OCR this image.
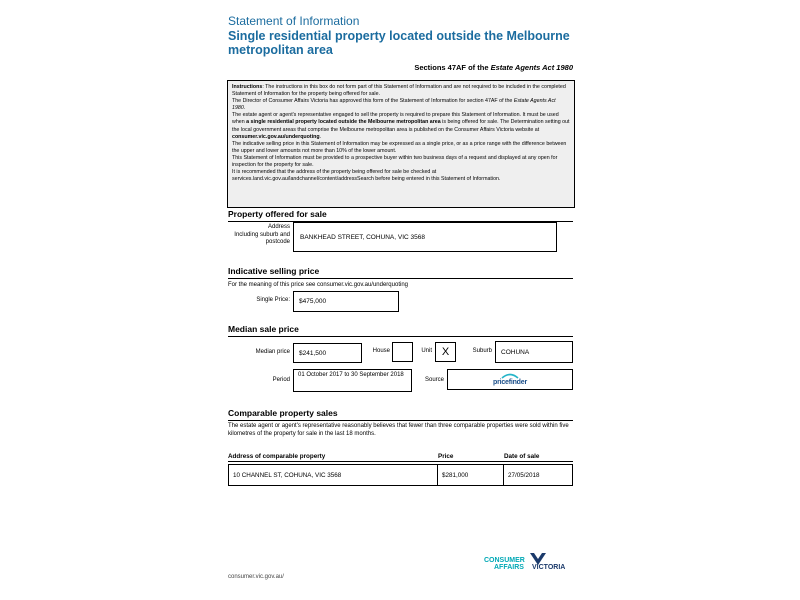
Statement of Information
Single residential property located outside the Melbourne metropolitan area
Sections 47AF of the Estate Agents Act 1980

Instructions: The instructions in this box do not form part of this Statement of Information and are not required to be included in the completed Statement of Information for the property being offered for sale.

The Director of Consumer Affairs Victoria has approved this form of the Statement of Information for section 47AF of the Estate Agents Act 1980.

The estate agent or agent's representative engaged to sell the property is required to prepare this Statement of Information. It must be used when a single residential property located outside the Melbourne metropolitan area is being offered for sale. The Determination setting out the local government areas that comprise the Melbourne metropolitan area is published on the Consumer Affairs Victoria website at consumer.vic.gov.au/underquoting.

The indicative selling price in this Statement of Information may be expressed as a single price, or as a price range with the difference between the upper and lower amounts not more than 10% of the lower amount.

This Statement of Information must be provided to a prospective buyer within two business days of a request and displayed at any open for inspection for the property for sale.

It is recommended that the address of the property being offered for sale be checked at services.land.vic.gov.au/landchannel/content/addressSearch before being entered in this Statement of Information.

Property offered for sale
Address
Including suburb and postcode
BANKHEAD STREET, COHUNA, VIC 3568
Indicative selling price
For the meaning of this price see consumer.vic.gov.au/underquoting
Single Price: $475,000
Median sale price
Median price $241,500	House	Unit X	Suburb COHUNA
Period
01 October 2017 to 30 September 2018
Source	pricefinder
Comparable property sales
The estate agent or agent's representative reasonably believes that fewer than three comparable properties were sold within five kilometres of the property for sale in the last 18 months.
Address of comparable property	Price	Date of sale
10 CHANNEL ST, COHUNA, VIC 3568	$281,000	27/05/2018
CONSUMER
AFFAIRS VICTORIA
consumer.vic.gov.au/
